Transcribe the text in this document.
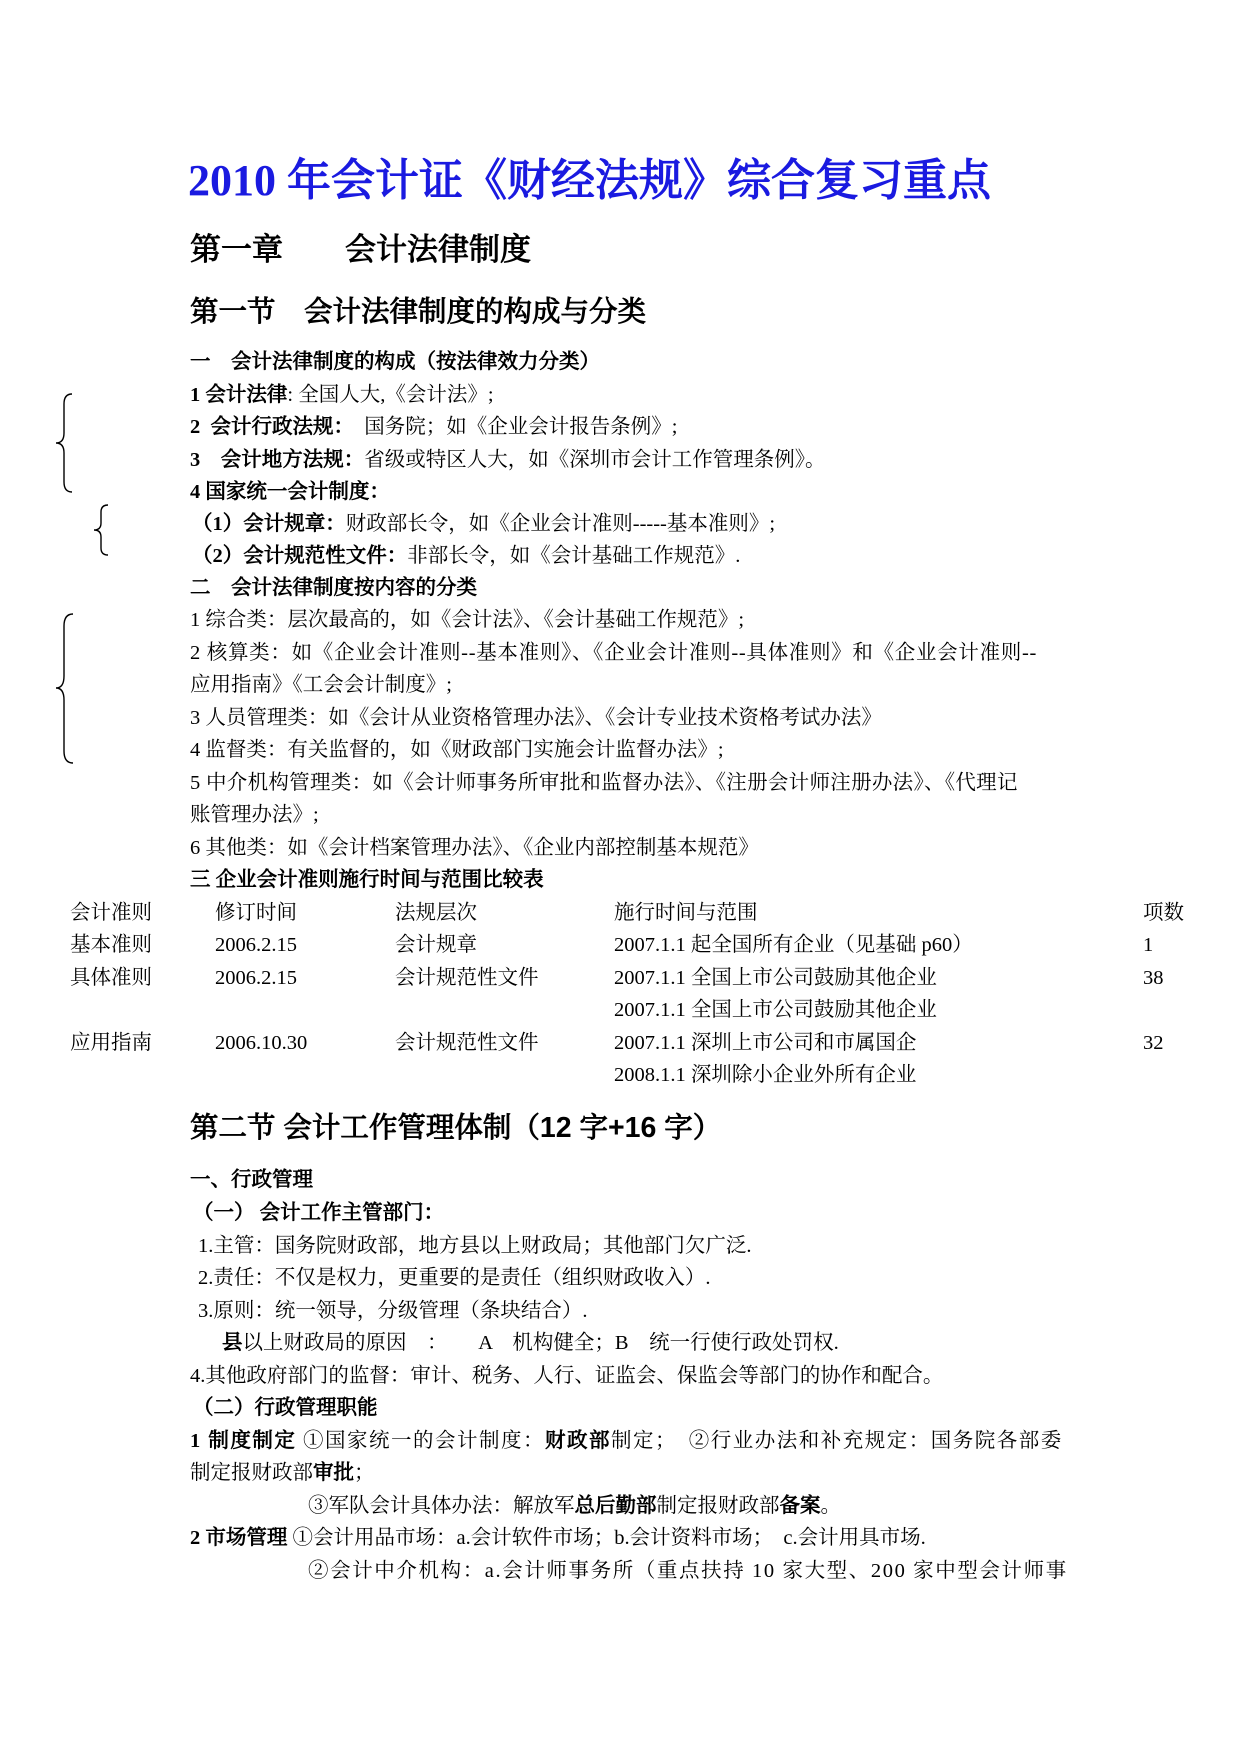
2010 年会计证《财经法规》综合复习重点
第一章　　会计法律制度
第一节　会计法律制度的构成与分类
一　会计法律制度的构成（按法律效力分类）
1 会计法律: 全国人大,《会计法》;
2  会计行政法规：　国务院；如《企业会计报告条例》;
3　会计地方法规：省级或特区人大，如《深圳市会计工作管理条例》。
4 国家统一会计制度：
（1）会计规章：财政部长令，如《企业会计准则-----基本准则》;
（2）会计规范性文件：非部长令，如《会计基础工作规范》.
二　会计法律制度按内容的分类
1 综合类：层次最高的，如《会计法》、《会计基础工作规范》;
2 核算类：如《企业会计准则--基本准则》、《企业会计准则--具体准则》和《企业会计准则--
应用指南》《工会会计制度》;
3 人员管理类：如《会计从业资格管理办法》、《会计专业技术资格考试办法》
4 监督类：有关监督的，如《财政部门实施会计监督办法》;
5 中介机构管理类：如《会计师事务所审批和监督办法》、《注册会计师注册办法》、《代理记
账管理办法》;
6 其他类：如《会计档案管理办法》、《企业内部控制基本规范》
三 企业会计准则施行时间与范围比较表
会计准则	修订时间	法规层次	施行时间与范围	项数
基本准则	2006.2.15	会计规章	2007.1.1 起全国所有企业（见基础 p60）	1
具体准则	2006.2.15	会计规范性文件	2007.1.1 全国上市公司鼓励其他企业	38
2007.1.1 全国上市公司鼓励其他企业
应用指南	2006.10.30	会计规范性文件	2007.1.1 深圳上市公司和市属国企	32
2008.1.1 深圳除小企业外所有企业
第二节 会计工作管理体制（12 字+16 字）
一、行政管理
（一） 会计工作主管部门：
1.主管：国务院财政部，地方县以上财政局；其他部门欠广泛.
2.责任：不仅是权力，更重要的是责任（组织财政收入）.
3.原则：统一领导，分级管理（条块结合）.
县以上财政局的原因　：　　A　机构健全；B　统一行使行政处罚权.
4.其他政府部门的监督：审计、税务、人行、证监会、保监会等部门的协作和配合。
（二）行政管理职能
1 制度制定 ①国家统一的会计制度：财政部制定；　②行业办法和补充规定：国务院各部委
制定报财政部审批；
③军队会计具体办法：解放军总后勤部制定报财政部备案。
2 市场管理 ①会计用品市场：a.会计软件市场；b.会计资料市场；　c.会计用具市场.
②会计中介机构：a.会计师事务所（重点扶持 10 家大型、200 家中型会计师事
